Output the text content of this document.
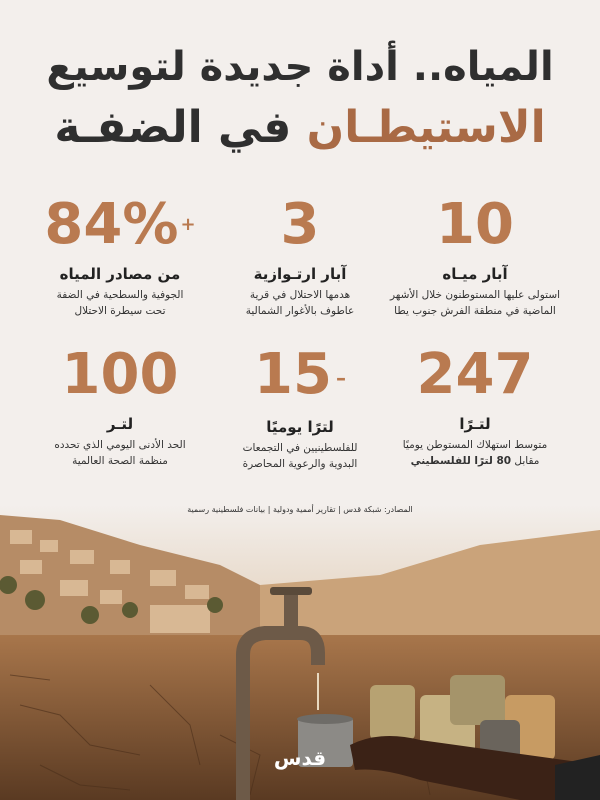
المياه.. أداة جديدة لتوسيع
الاستيطـان في الضفـة
10
آبار ميـاه
استولى عليها المستوطنون خلال الأشهر
الماضية في منطقة الفرش جنوب يطا
3
آبار ارتـوازية
هدمها الاحتلال في قرية
عاطوف بالأغوار الشمالية
84% +
من مصادر المياه
الجوفية والسطحية في الضفة
تحت سيطرة الاحتلال
247
لتـرًا
متوسط استهلاك المستوطن يوميًا
مقابل 80 لترًا للفلسطيني
15 –
لترًا يوميًا
للفلسطينيين في التجمعات
البدوية والرعوية المحاصرة
100
لتـر
الحد الأدنى اليومي الذي تحدده
منظمة الصحة العالمية
المصادر: شبكة قدس | تقارير أممية ودولية | بيانات فلسطينية رسمية
قدس
